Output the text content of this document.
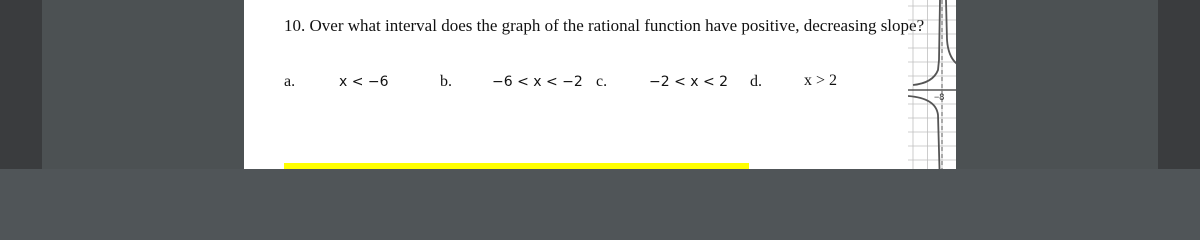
10. Over what interval does the graph of the rational function have positive, decreasing slope?
a.	x < −6	b.	−6 < x < −2 c.	−2 < x < 2 d.	x > 2
−8
